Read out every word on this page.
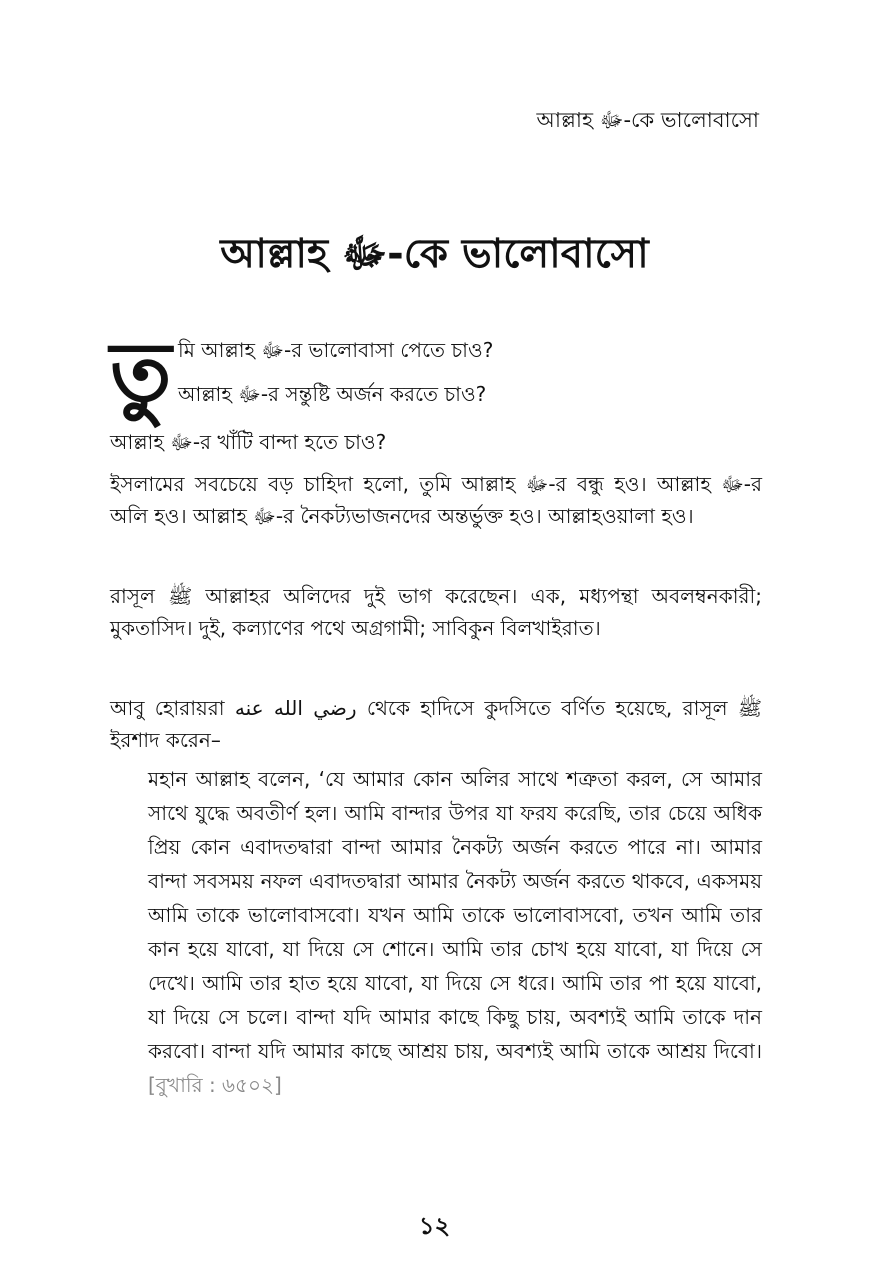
আল্লাহ ﷻ-কে ভালোবাসো
আল্লাহ ﷻ-কে ভালোবাসো
তু মি আল্লাহ ﷻ-র ভালোবাসা পেতে চাও?
আল্লাহ ﷻ-র সন্তুষ্টি অর্জন করতে চাও?
আল্লাহ ﷻ-র খাঁটি বান্দা হতে চাও?

ইসলামের সবচেয়ে বড় চাহিদা হলো, তুমি আল্লাহ ﷻ-র বন্ধু হও। আল্লাহ ﷻ-র অলি হও। আল্লাহ ﷻ-র নৈকট্যভাজনদের অন্তর্ভুক্ত হও। আল্লাহওয়ালা হও।

রাসূল ﷺ আল্লাহর অলিদের দুই ভাগ করেছেন। এক, মধ্যপন্থা অবলম্বনকারী; মুকতাসিদ। দুই, কল্যাণের পথে অগ্রগামী; সাবিকুন বিলখাইরাত।

আবু হোরায়রা رضي الله عنه থেকে হাদিসে কুদসিতে বর্ণিত হয়েছে, রাসূল ﷺ ইরশাদ করেন–

মহান আল্লাহ বলেন, ‘যে আমার কোন অলির সাথে শত্রুতা করল, সে আমার সাথে যুদ্ধে অবতীর্ণ হল। আমি বান্দার উপর যা ফরয করেছি, তার চেয়ে অধিক প্রিয় কোন এবাদতদ্বারা বান্দা আমার নৈকট্য অর্জন করতে পারে না। আমার বান্দা সবসময় নফল এবাদতদ্বারা আমার নৈকট্য অর্জন করতে থাকবে, একসময় আমি তাকে ভালোবাসবো। যখন আমি তাকে ভালোবাসবো, তখন আমি তার কান হয়ে যাবো, যা দিয়ে সে শোনে। আমি তার চোখ হয়ে যাবো, যা দিয়ে সে দেখে। আমি তার হাত হয়ে যাবো, যা দিয়ে সে ধরে। আমি তার পা হয়ে যাবো, যা দিয়ে সে চলে। বান্দা যদি আমার কাছে কিছু চায়, অবশ্যই আমি তাকে দান করবো। বান্দা যদি আমার কাছে আশ্রয় চায়, অবশ্যই আমি তাকে আশ্রয় দিবো। [বুখারি : ৬৫০২]

১২
